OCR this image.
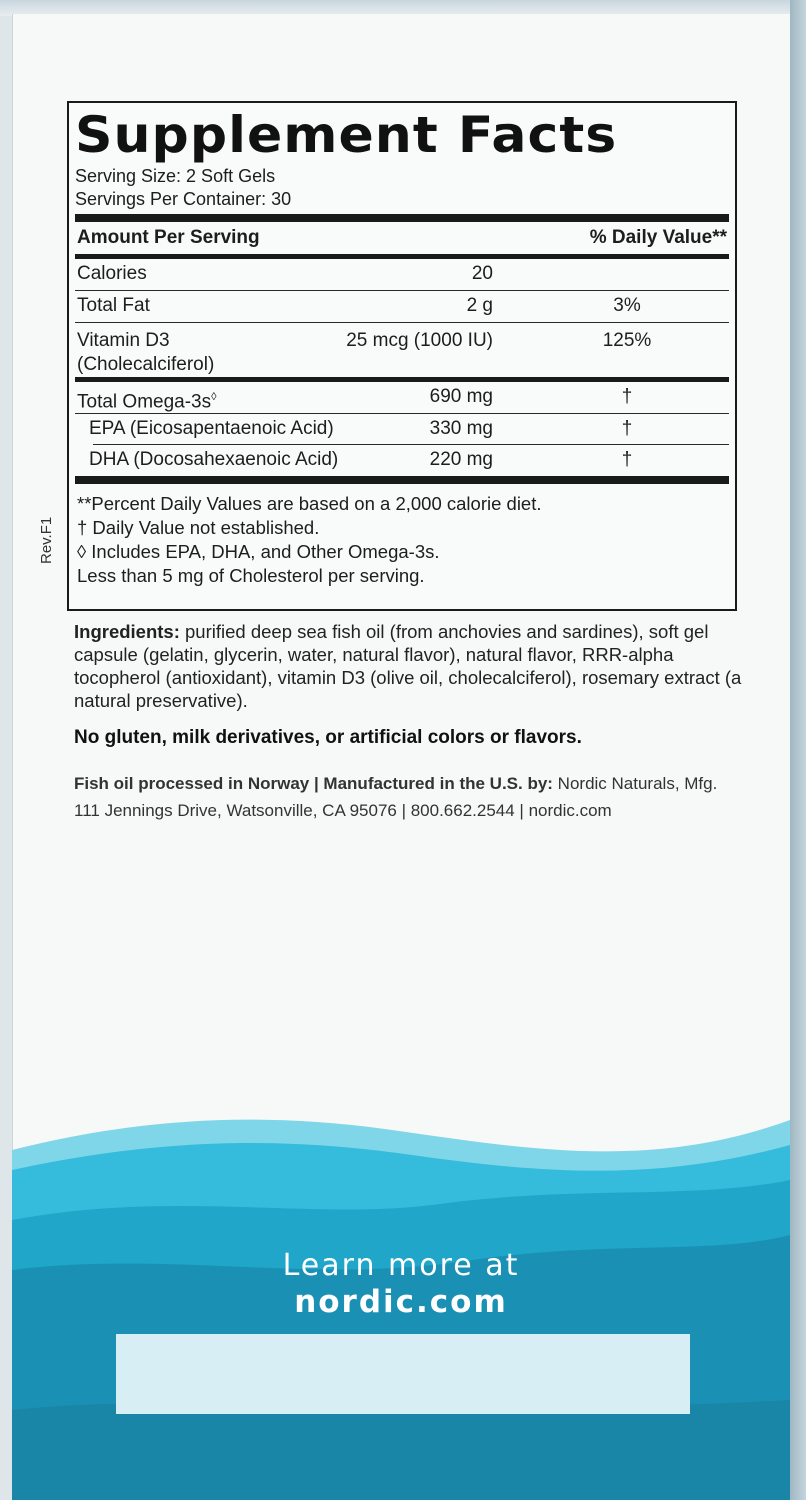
Supplement Facts

Serving Size: 2 Soft Gels

Servings Per Container: 30

Amount Per Serving	% Daily Value**
Calories	20
Total Fat	2 g	3%
Vitamin D3
(Cholecalciferol)
25 mcg (1000 IU)	125%
Total Omega-3s◊	690 mg	†
EPA (Eicosapentaenoic Acid)	330 mg	†
DHA (Docosahexaenoic Acid)	220 mg	†
**Percent Daily Values are based on a 2,000 calorie diet.
† Daily Value not established.
◊ Includes EPA, DHA, and Other Omega-3s.
Less than 5 mg of Cholesterol per serving.
Rev.F1
Ingredients: purified deep sea fish oil (from anchovies and sardines), soft gel capsule (gelatin, glycerin, water, natural flavor), natural flavor, RRR-alpha tocopherol (antioxidant), vitamin D3 (olive oil, cholecalciferol), rosemary extract (a natural preservative).
No gluten, milk derivatives, or artificial colors or flavors.
Fish oil processed in Norway | Manufactured in the U.S. by: Nordic Naturals, Mfg.
111 Jennings Drive, Watsonville, CA 95076 | 800.662.2544 | nordic.com
Learn more at
nordic.com
